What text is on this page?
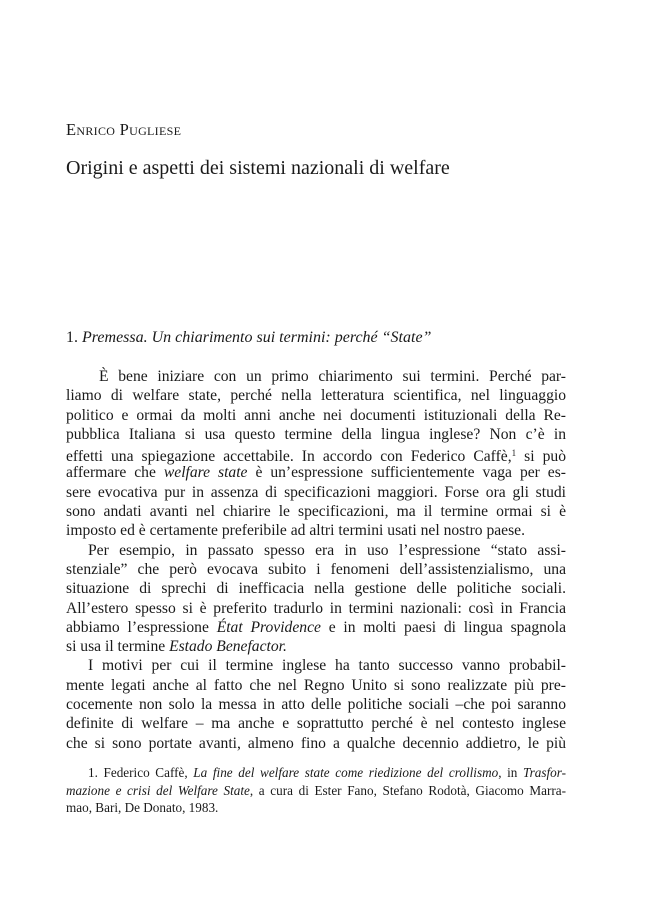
Enrico Pugliese
Origini e aspetti dei sistemi nazionali di welfare
1. Premessa. Un chiarimento sui termini: perché “State”
È bene iniziare con un primo chiarimento sui termini. Perché par-
liamo di welfare state, perché nella letteratura scientifica, nel linguaggio
politico e ormai da molti anni anche nei documenti istituzionali della Re-
pubblica Italiana si usa questo termine della lingua inglese? Non c’è in
effetti una spiegazione accettabile. In accordo con Federico Caffè,$^1$ si può
affermare che welfare state è un’espressione sufficientemente vaga per es-
sere evocativa pur in assenza di specificazioni maggiori. Forse ora gli studi
sono andati avanti nel chiarire le specificazioni, ma il termine ormai si è
imposto ed è certamente preferibile ad altri termini usati nel nostro paese.
Per esempio, in passato spesso era in uso l’espressione “stato assi-
stenziale” che però evocava subito i fenomeni dell’assistenzialismo, una
situazione di sprechi di inefficacia nella gestione delle politiche sociali.
All’estero spesso si è preferito tradurlo in termini nazionali: così in Francia
abbiamo l’espressione État Providence e in molti paesi di lingua spagnola
si usa il termine Estado Benefactor.
I motivi per cui il termine inglese ha tanto successo vanno probabil-
mente legati anche al fatto che nel Regno Unito si sono realizzate più pre-
cocemente non solo la messa in atto delle politiche sociali –che poi saranno
definite di welfare – ma anche e soprattutto perché è nel contesto inglese
che si sono portate avanti, almeno fino a qualche decennio addietro, le più
1. Federico Caffè, La fine del welfare state come riedizione del crollismo, in Trasfor-
mazione e crisi del Welfare State, a cura di Ester Fano, Stefano Rodotà, Giacomo Marra-
mao, Bari, De Donato, 1983.
